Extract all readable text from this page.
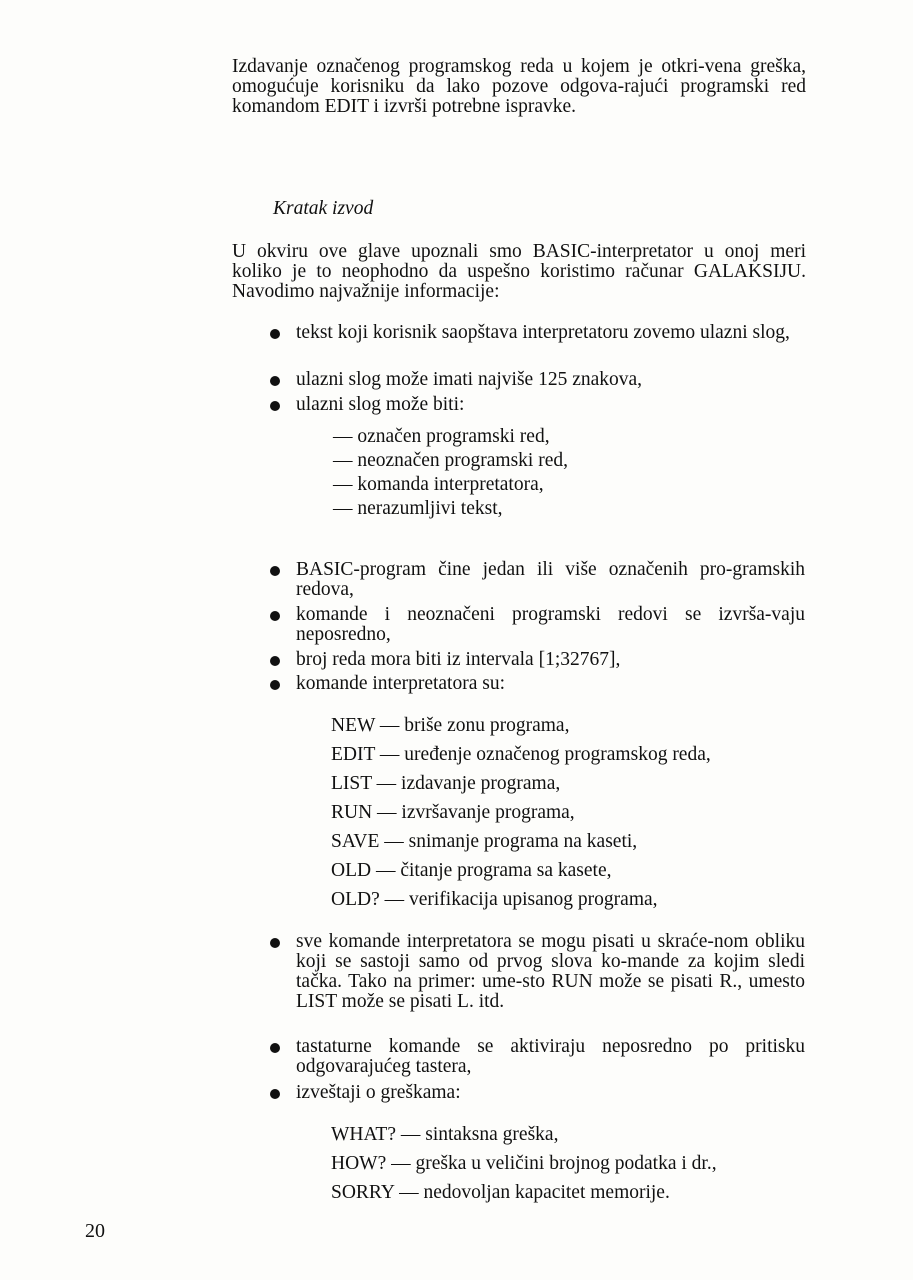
Izdavanje označenog programskog reda u kojem je otkri-vena greška, omogućuje korisniku da lako pozove odgova-rajući programski red komandom EDIT i izvrši potrebne ispravke.
Kratak izvod
U okviru ove glave upoznali smo BASIC-interpretator u onoj meri koliko je to neophodno da uspešno koristimo računar GALAKSIJU. Navodimo najvažnije informacije:
tekst koji korisnik saopštava interpretatoru zovemo ulazni slog,
ulazni slog može imati najviše 125 znakova,
ulazni slog može biti:
— označen programski red,
— neoznačen programski red,
— komanda interpretatora,
— nerazumljivi tekst,
BASIC-program čine jedan ili više označenih pro-gramskih redova,
komande i neoznačeni programski redovi se izvrša-vaju neposredno,
broj reda mora biti iz intervala [1;32767],
komande interpretatora su:
NEW — briše zonu programa,
EDIT — uređenje označenog programskog reda,
LIST — izdavanje programa,
RUN — izvršavanje programa,
SAVE — snimanje programa na kaseti,
OLD — čitanje programa sa kasete,
OLD? — verifikacija upisanog programa,
sve komande interpretatora se mogu pisati u skraće-nom obliku koji se sastoji samo od prvog slova ko-mande za kojim sledi tačka. Tako na primer: ume-sto RUN može se pisati R., umesto LIST može se pisati L. itd.
tastaturne komande se aktiviraju neposredno po pritisku odgovarajućeg tastera,
izveštaji o greškama:
WHAT? — sintaksna greška,
HOW? — greška u veličini brojnog podatka i dr.,
SORRY — nedovoljan kapacitet memorije.
20
